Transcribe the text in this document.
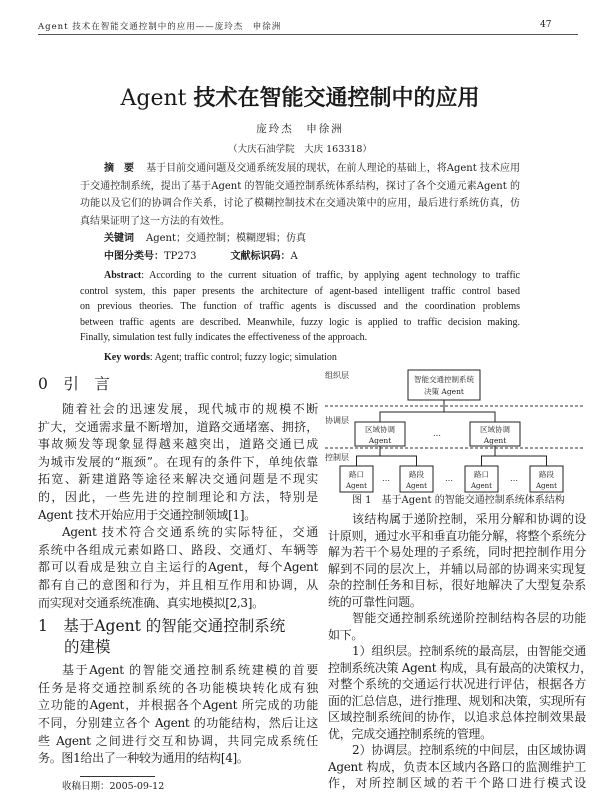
Agent 技术在智能交通控制中的应用——庞玲杰　申徐洲	47
Agent 技术在智能交通控制中的应用
庞玲杰　申徐洲
（大庆石油学院　大庆 163318）
摘　要 基于目前交通问题及交通系统发展的现状，在前人理论的基础上，将Agent 技术应用
于交通控制系统，提出了基于Agent 的智能交通控制系统体系结构，探讨了各个交通元素Agent 的
功能以及它们的协调合作关系，讨论了模糊控制技术在交通决策中的应用，最后进行系统仿真，仿
真结果证明了这一方法的有效性。
关键词 Agent；交通控制；模糊逻辑；仿真
中图分类号：TP273	文献标识码：A
Abstract: According to the current situation of traffic, by applying agent technology to traffic
control system, this paper presents the architecture of agent-based intelligent traffic control based
on previous theories. The function of traffic agents is discussed and the coordination problems
between traffic agents are described. Meanwhile, fuzzy logic is applied to traffic decision making.
Finally, simulation test fully indicates the effectiveness of the approach.
Key words: Agent; traffic control; fuzzy logic; simulation
0　引　言
随着社会的迅速发展，现代城市的规模不断
扩大，交通需求量不断增加，道路交通堵塞、拥挤，
事故频发等现象显得越来越突出，道路交通已成
为城市发展的“瓶颈”。在现有的条件下，单纯依靠
拓宽、新建道路等途径来解决交通问题是不现实
的，因此，一些先进的控制理论和方法，特别是
Agent 技术开始应用于交通控制领域[1]。
Agent 技术符合交通系统的实际特征，交通
系统中各组成元素如路口、路段、交通灯、车辆等
都可以看成是独立自主运行的Agent，每个Agent
都有自己的意图和行为，并且相互作用和协调，从
而实现对交通系统准确、真实地模拟[2,3]。
1　基于Agent 的智能交通控制系统
的建模
基于Agent 的智能交通控制系统建模的首要
任务是将交通控制系统的各功能模块转化成有独
立功能的Agent，并根据各个Agent 所完成的功能
不同，分别建立各个 Agent 的功能结构，然后让这
些 Agent 之间进行交互和协调，共同完成系统任
务。图1给出了一种较为通用的结构[4]。
该结构属于递阶控制，采用分解和协调的设
计原则，通过水平和垂直功能分解，将整个系统分
解为若干个易处理的子系统，同时把控制作用分
解到不同的层次上，并辅以局部的协调来实现复
杂的控制任务和目标，很好地解决了大型复杂系
统的可靠性问题。
智能交通控制系统递阶控制结构各层的功能
如下。
1）组织层。控制系统的最高层，由智能交通
控制系统决策 Agent 构成，具有最高的决策权力，
对整个系统的交通运行状况进行评估，根据各方
面的汇总信息，进行推理、规划和决策，实现所有
区域控制系统间的协作，以追求总体控制效果最
优，完成交通控制系统的管理。
2）协调层。控制系统的中间层，由区域协调
Agent 构成，负责本区域内各路口的监测维护工
作，对所控制区域的若干个路口进行模式设
组织层
协调层
控制层
智能交通控制系统
决策 Agent
区域协调
Agent
区域协调
Agent
…
路口
Agent
路段
Agent
路口
Agent
路段
Agent
…	…	…
图 1　基于Agent 的智能交通控制系统体系结构
收稿日期：2005-09-12
